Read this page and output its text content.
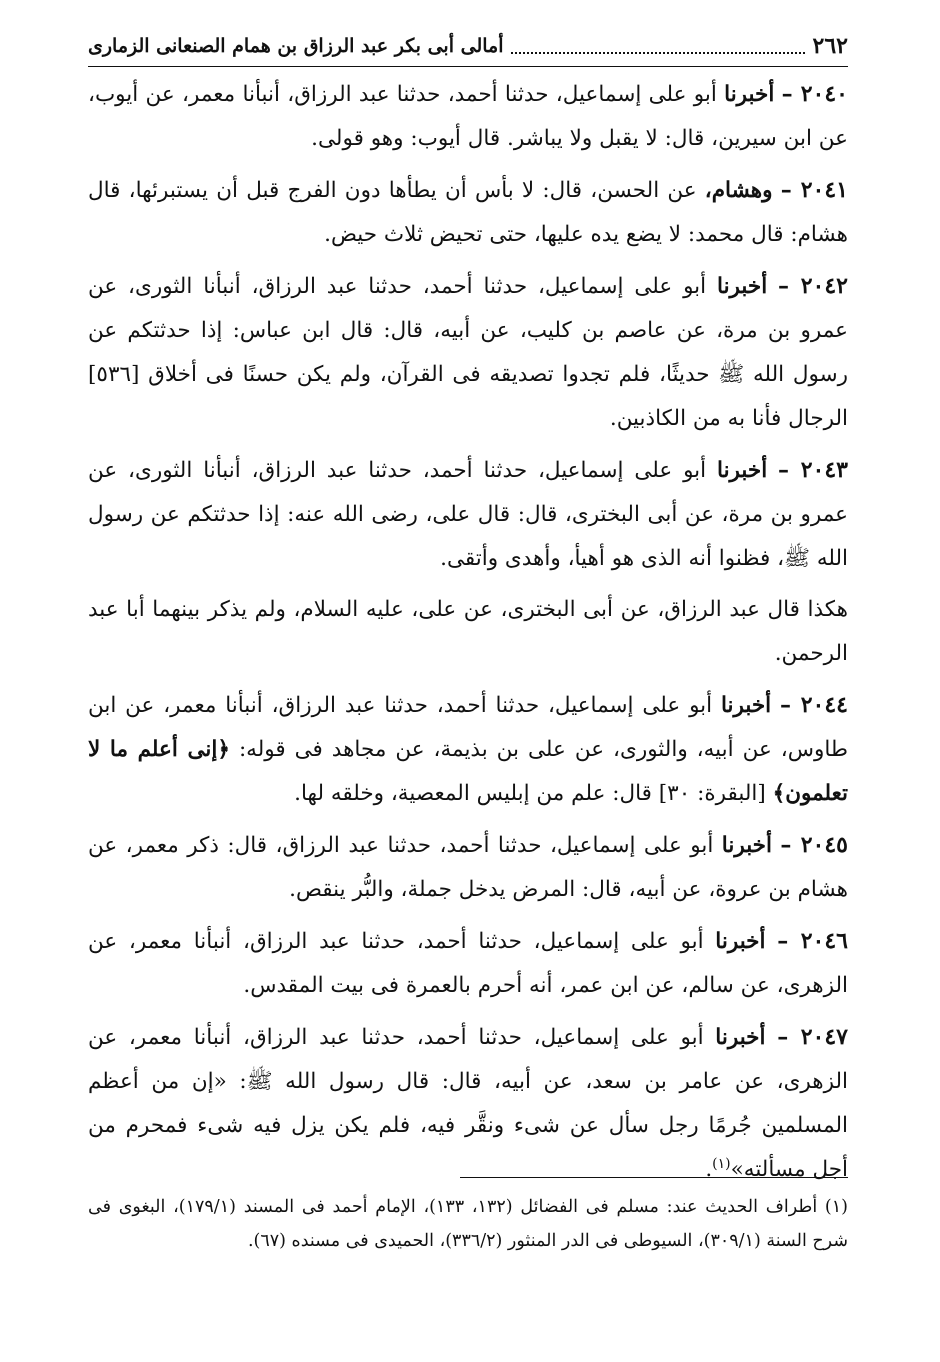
٢٦٢
أمالى أبى بكر عبد الرزاق بن همام الصنعانى الزمارى

٢٠٤٠ – أخبرنا أبو على إسماعيل، حدثنا أحمد، حدثنا عبد الرزاق، أنبأنا معمر، عن أيوب، عن ابن سيرين، قال: لا يقبل ولا يباشر. قال أيوب: وهو قولى.

٢٠٤١ – وهشام، عن الحسن، قال: لا بأس أن يطأها دون الفرج قبل أن يستبرئها، قال هشام: قال محمد: لا يضع يده عليها، حتى تحيض ثلاث حيض.

٢٠٤٢ – أخبرنا أبو على إسماعيل، حدثنا أحمد، حدثنا عبد الرزاق، أنبأنا الثورى، عن عمرو بن مرة، عن عاصم بن كليب، عن أبيه، قال: قال ابن عباس: إذا حدثتكم عن رسول الله ﷺ حديثًا، فلم تجدوا تصديقه فى القرآن، ولم يكن حسنًا فى أخلاق [٥٣٦] الرجال فأنا به من الكاذبين.

٢٠٤٣ – أخبرنا أبو على إسماعيل، حدثنا أحمد، حدثنا عبد الرزاق، أنبأنا الثورى، عن عمرو بن مرة، عن أبى البخترى، قال: قال على، رضى الله عنه: إذا حدثتكم عن رسول الله ﷺ، فظنوا أنه الذى هو أهيأ، وأهدى وأتقى.

هكذا قال عبد الرزاق، عن أبى البخترى، عن على، عليه السلام، ولم يذكر بينهما أبا عبد الرحمن.

٢٠٤٤ – أخبرنا أبو على إسماعيل، حدثنا أحمد، حدثنا عبد الرزاق، أنبأنا معمر، عن ابن طاوس، عن أبيه، والثورى، عن على بن بذيمة، عن مجاهد فى قوله: ﴿إنى أعلم ما لا تعلمون﴾ [البقرة: ٣٠] قال: علم من إبليس المعصية، وخلقه لها.

٢٠٤٥ – أخبرنا أبو على إسماعيل، حدثنا أحمد، حدثنا عبد الرزاق، قال: ذكر معمر، عن هشام بن عروة، عن أبيه، قال: المرض يدخل جملة، والبُّر ينقص.

٢٠٤٦ – أخبرنا أبو على إسماعيل، حدثنا أحمد، حدثنا عبد الرزاق، أنبأنا معمر، عن الزهرى، عن سالم، عن ابن عمر، أنه أحرم بالعمرة فى بيت المقدس.

٢٠٤٧ – أخبرنا أبو على إسماعيل، حدثنا أحمد، حدثنا عبد الرزاق، أنبأنا معمر، عن الزهرى، عن عامر بن سعد، عن أبيه، قال: قال رسول الله ﷺ: «إن من أعظم المسلمين جُرمًا رجل سأل عن شىء ونقَّر فيه، فلم يكن يزل فيه شىء فمحرم من أجل مسألته»$^{(١)}$.

(١) أطراف الحديث عند: مسلم فى الفضائل (١٣٢، ١٣٣)، الإمام أحمد فى المسند (١٧٩/١)، البغوى فى شرح السنة (٣٠٩/١)، السيوطى فى الدر المنثور (٣٣٦/٢)، الحميدى فى مسنده (٦٧).
